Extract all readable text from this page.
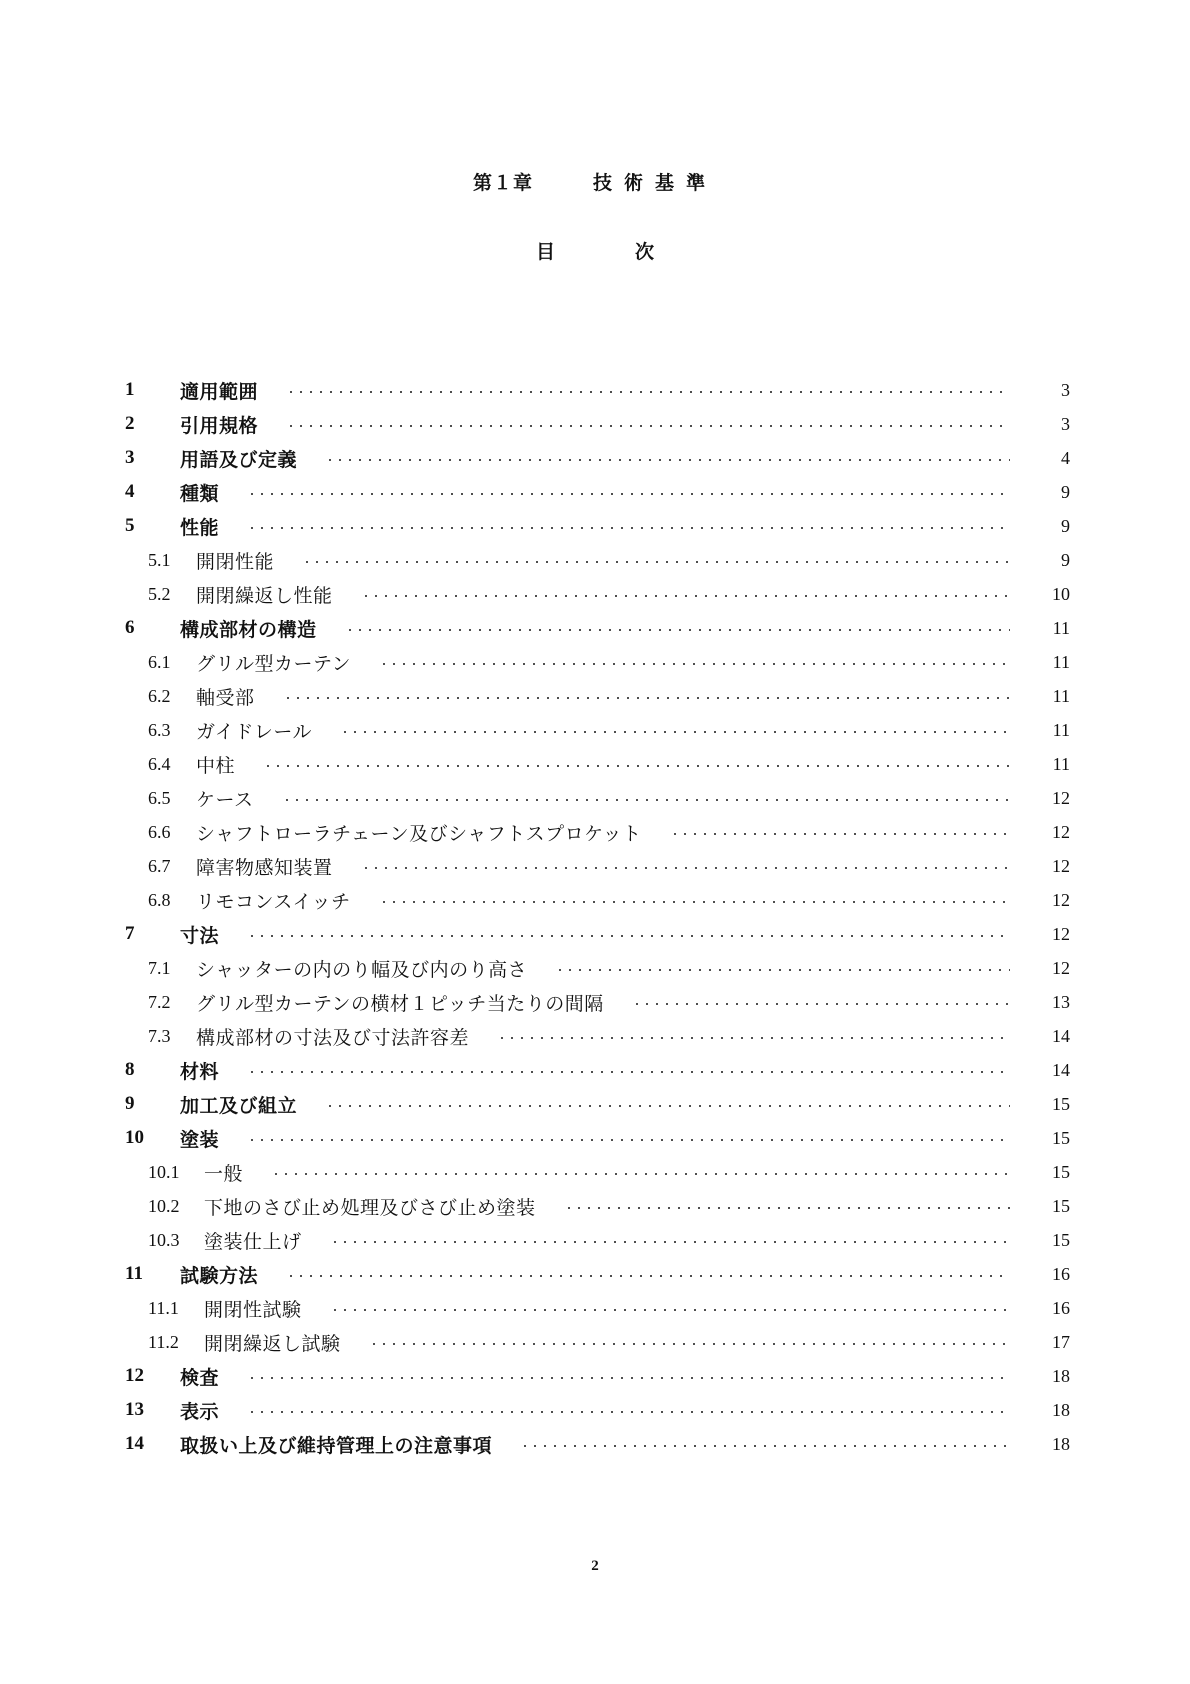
第１章	技術基準
目	次
1	適用範囲	3
2	引用規格	3
3	用語及び定義	4
4	種類	9
5	性能	9
5.1	開閉性能	9
5.2	開閉繰返し性能	10
6	構成部材の構造	11
6.1	グリル型カーテン	11
6.2	軸受部	11
6.3	ガイドレール	11
6.4	中柱	11
6.5	ケース	12
6.6	シャフトローラチェーン及びシャフトスプロケット	12
6.7	障害物感知装置	12
6.8	リモコンスイッチ	12
7	寸法	12
7.1	シャッターの内のり幅及び内のり高さ	12
7.2	グリル型カーテンの横材１ピッチ当たりの間隔	13
7.3	構成部材の寸法及び寸法許容差	14
8	材料	14
9	加工及び組立	15
10	塗装	15
10.1	一般	15
10.2	下地のさび止め処理及びさび止め塗装	15
10.3	塗装仕上げ	15
11	試験方法	16
11.1	開閉性試験	16
11.2	開閉繰返し試験	17
12	検査	18
13	表示	18
14	取扱い上及び維持管理上の注意事項	18
2
